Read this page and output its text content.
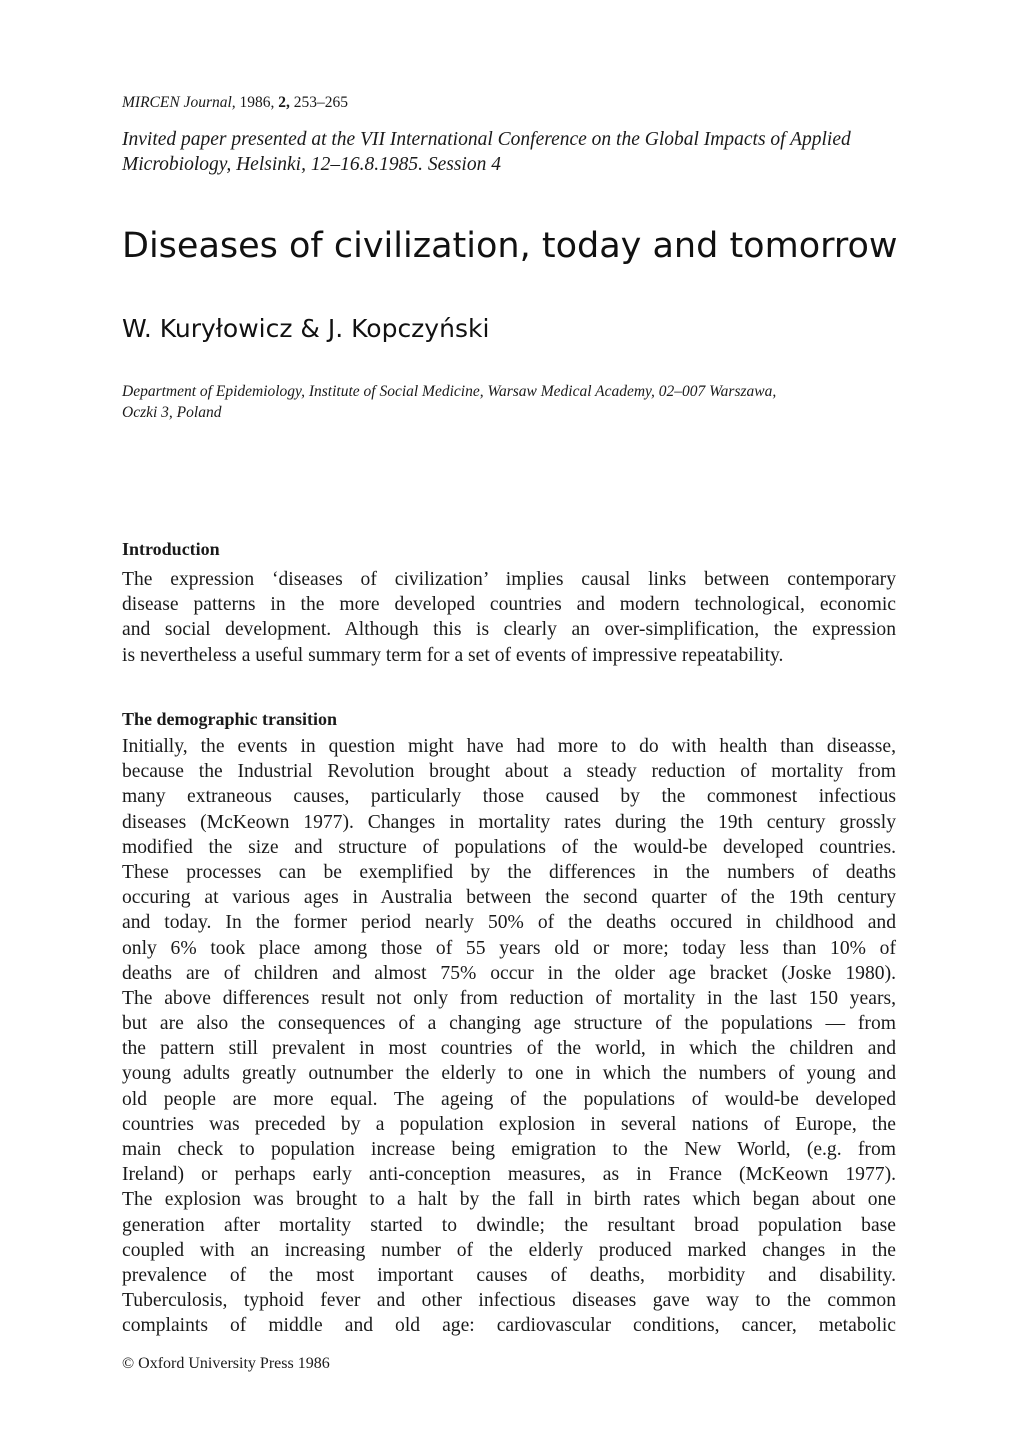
MIRCEN Journal, 1986, 2, 253–265
Invited paper presented at the VII International Conference on the Global Impacts of Applied Microbiology, Helsinki, 12–16.8.1985. Session 4
Diseases of civilization, today and tomorrow
W. Kuryłowicz & J. Kopczyński
Department of Epidemiology, Institute of Social Medicine, Warsaw Medical Academy, 02–007 Warszawa,
Oczki 3, Poland
Introduction
The expression ‘diseases of civilization’ implies causal links between contemporary
disease patterns in the more developed countries and modern technological, economic
and social development. Although this is clearly an over-simplification, the expression
is nevertheless a useful summary term for a set of events of impressive repeatability.
The demographic transition
Initially, the events in question might have had more to do with health than diseasse,
because the Industrial Revolution brought about a steady reduction of mortality from
many extraneous causes, particularly those caused by the commonest infectious
diseases (McKeown 1977). Changes in mortality rates during the 19th century grossly
modified the size and structure of populations of the would-be developed countries.
These processes can be exemplified by the differences in the numbers of deaths
occuring at various ages in Australia between the second quarter of the 19th century
and today. In the former period nearly 50% of the deaths occured in childhood and
only 6% took place among those of 55 years old or more; today less than 10% of
deaths are of children and almost 75% occur in the older age bracket (Joske 1980).
The above differences result not only from reduction of mortality in the last 150 years,
but are also the consequences of a changing age structure of the populations — from
the pattern still prevalent in most countries of the world, in which the children and
young adults greatly outnumber the elderly to one in which the numbers of young and
old people are more equal. The ageing of the populations of would-be developed
countries was preceded by a population explosion in several nations of Europe, the
main check to population increase being emigration to the New World, (e.g. from
Ireland) or perhaps early anti-conception measures, as in France (McKeown 1977).
The explosion was brought to a halt by the fall in birth rates which began about one
generation after mortality started to dwindle; the resultant broad population base
coupled with an increasing number of the elderly produced marked changes in the
prevalence of the most important causes of deaths, morbidity and disability.
Tuberculosis, typhoid fever and other infectious diseases gave way to the common
complaints of middle and old age: cardiovascular conditions, cancer, metabolic
© Oxford University Press 1986
